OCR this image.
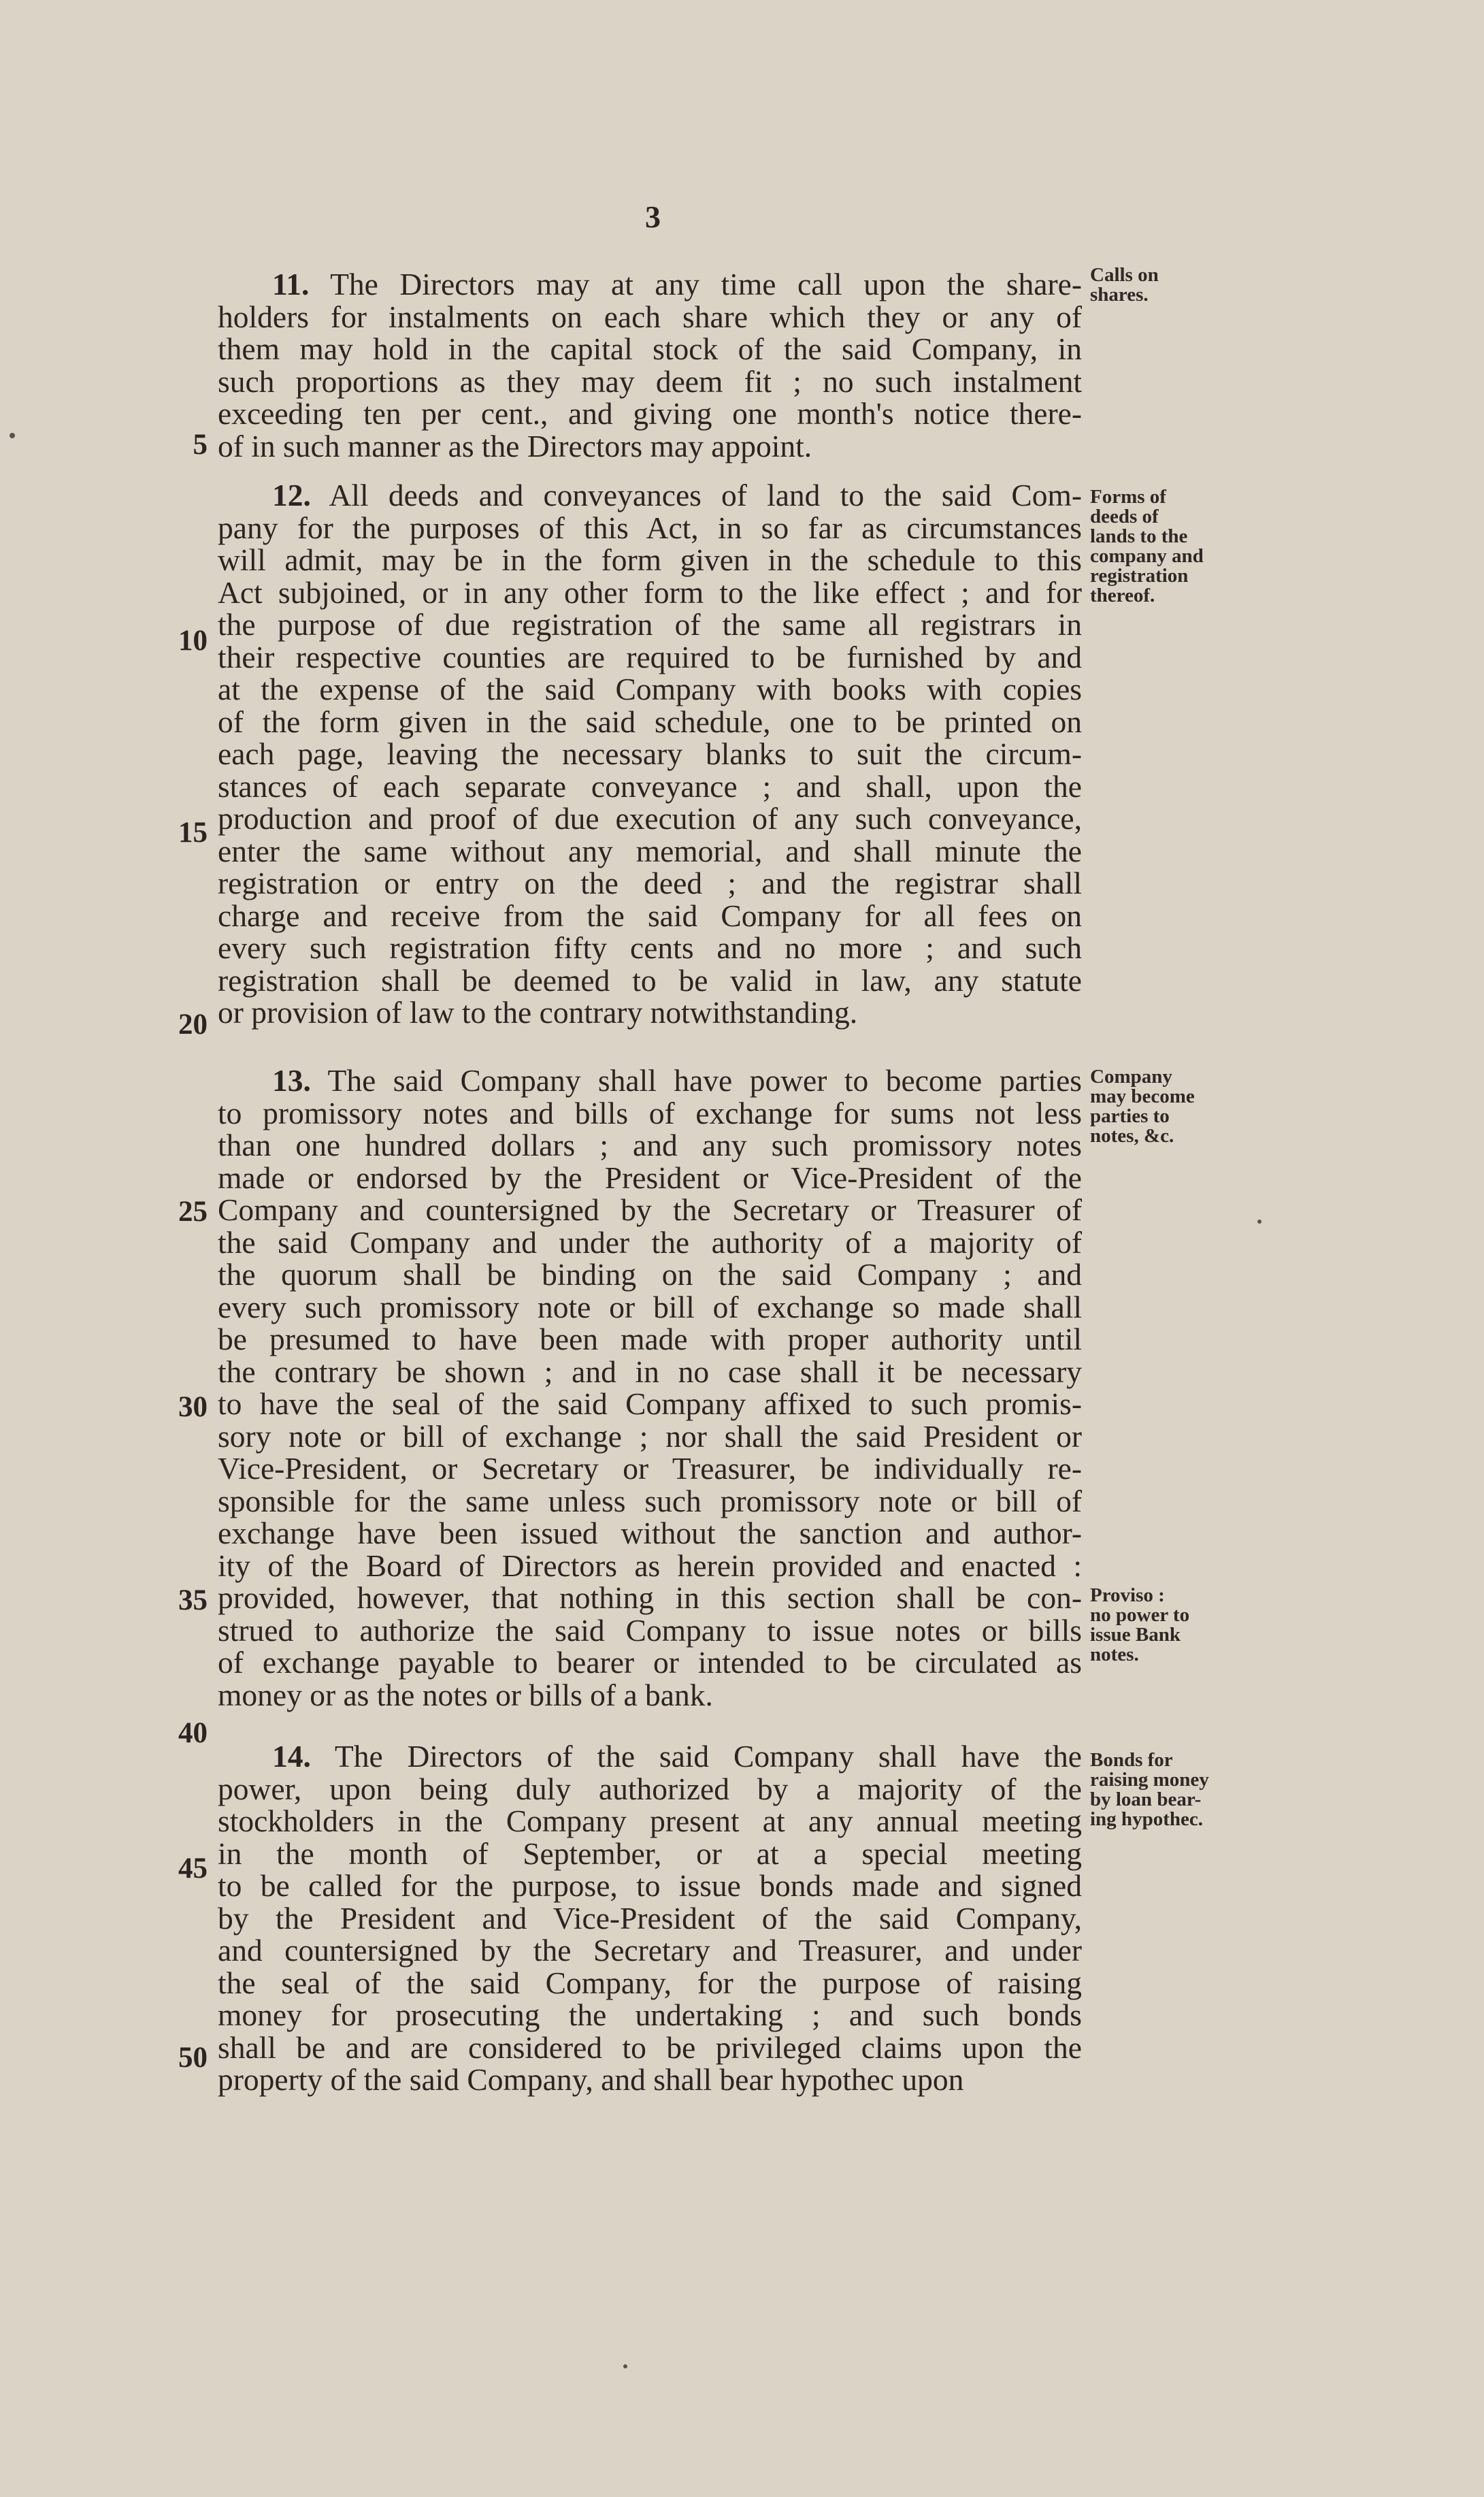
3
11. The Directors may at any time call upon the share-
holders for instalments on each share which they or any of
them may hold in the capital stock of the said Company, in
such proportions as they may deem fit ; no such instalment
exceeding ten per cent., and giving one month's notice there-
of in such manner as the Directors may appoint.
12. All deeds and conveyances of land to the said Com-
pany for the purposes of this Act, in so far as circumstances
will admit, may be in the form given in the schedule to this
Act subjoined, or in any other form to the like effect ; and for
the purpose of due registration of the same all registrars in
their respective counties are required to be furnished by and
at the expense of the said Company with books with copies
of the form given in the said schedule, one to be printed on
each page, leaving the necessary blanks to suit the circum-
stances of each separate conveyance ; and shall, upon the
production and proof of due execution of any such conveyance,
enter the same without any memorial, and shall minute the
registration or entry on the deed ; and the registrar shall
charge and receive from the said Company for all fees on
every such registration fifty cents and no more ; and such
registration shall be deemed to be valid in law, any statute
or provision of law to the contrary notwithstanding.
13. The said Company shall have power to become parties
to promissory notes and bills of exchange for sums not less
than one hundred dollars ; and any such promissory notes
made or endorsed by the President or Vice-President of the
Company and countersigned by the Secretary or Treasurer of
the said Company and under the authority of a majority of
the quorum shall be binding on the said Company ; and
every such promissory note or bill of exchange so made shall
be presumed to have been made with proper authority until
the contrary be shown ; and in no case shall it be necessary
to have the seal of the said Company affixed to such promis-
sory note or bill of exchange ; nor shall the said President or
Vice-President, or Secretary or Treasurer, be individually re-
sponsible for the same unless such promissory note or bill of
exchange have been issued without the sanction and author-
ity of the Board of Directors as herein provided and enacted :
provided, however, that nothing in this section shall be con-
strued to authorize the said Company to issue notes or bills
of exchange payable to bearer or intended to be circulated as
money or as the notes or bills of a bank.
14. The Directors of the said Company shall have the
power, upon being duly authorized by a majority of the
stockholders in the Company present at any annual meeting
in the month of September, or at a special meeting
to be called for the purpose, to issue bonds made and signed
by the President and Vice-President of the said Company,
and countersigned by the Secretary and Treasurer, and under
the seal of the said Company, for the purpose of raising
money for prosecuting the undertaking ; and such bonds
shall be and are considered to be privileged claims upon the
property of the said Company, and shall bear hypothec upon
5
10
15
20
25
30
35
40
45
50
Calls on
shares.
Forms of
deeds of
lands to the
company and
registration
thereof.
Company
may become
parties to
notes, &c.
Proviso :
no power to
issue Bank
notes.
Bonds for
raising money
by loan bear-
ing hypothec.
